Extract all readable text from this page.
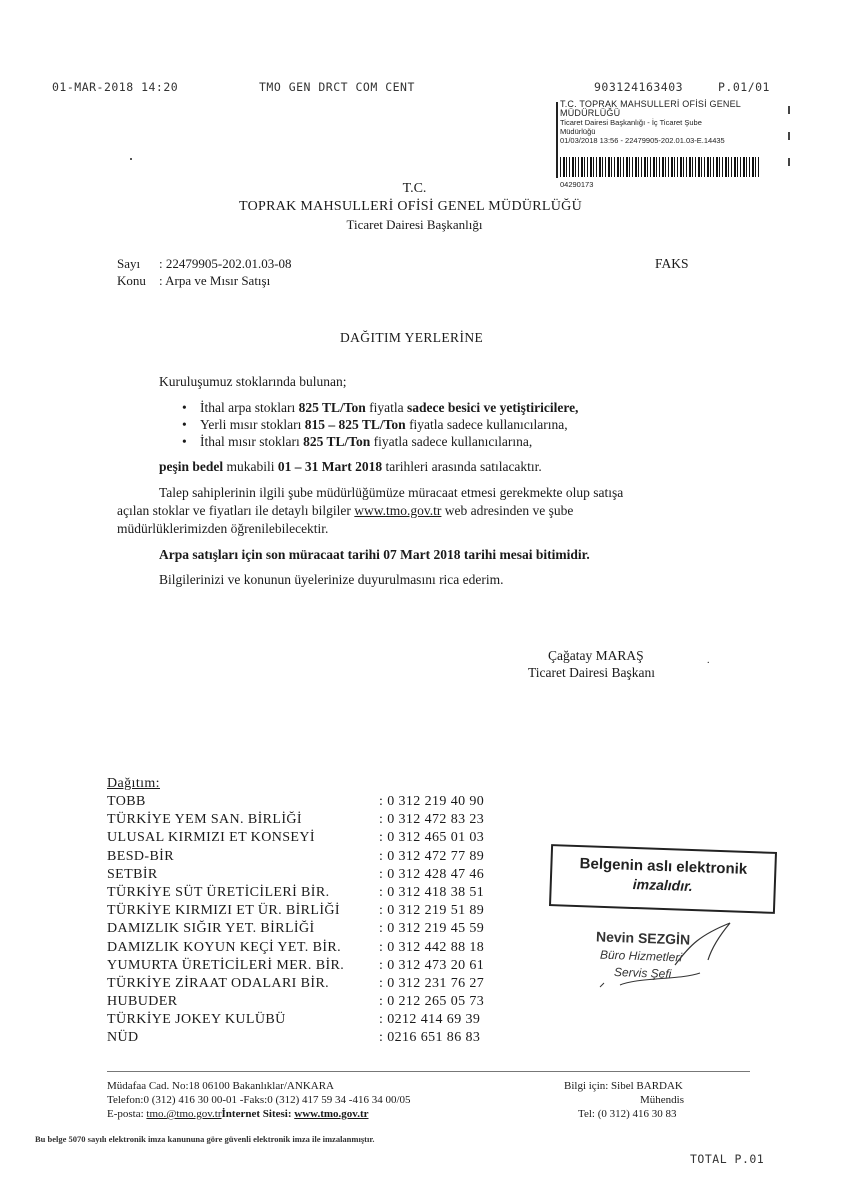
01-MAR-2018 14:20	TMO GEN DRCT COM CENT	903124163403	P.01/01
T.C. TOPRAK MAHSULLERİ OFİSİ GENEL
MÜDÜRLÜĞÜ
Ticaret Dairesi Başkanlığı - İç Ticaret Şube
Müdürlüğü
01/03/2018 13:56 - 22479905-202.01.03-E.14435
04290173
T.C.
TOPRAK MAHSULLERİ OFİSİ GENEL MÜDÜRLÜĞÜ
Ticaret Dairesi Başkanlığı
Sayı : 22479905-202.01.03-08
Konu : Arpa ve Mısır Satışı
FAKS
DAĞITIM YERLERİNE
Kuruluşumuz stoklarında bulunan;
• İthal arpa stokları 825 TL/Ton fiyatla sadece besici ve yetiştiricilere,
• Yerli mısır stokları 815 – 825 TL/Ton fiyatla sadece kullanıcılarına,
• İthal mısır stokları 825 TL/Ton fiyatla sadece kullanıcılarına,
peşin bedel mukabili 01 – 31 Mart 2018 tarihleri arasında satılacaktır.
Talep sahiplerinin ilgili şube müdürlüğümüze müracaat etmesi gerekmekte olup satışa
açılan stoklar ve fiyatları ile detaylı bilgiler www.tmo.gov.tr web adresinden ve şube
müdürlüklerimizden öğrenilebilecektir.
Arpa satışları için son müracaat tarihi 07 Mart 2018 tarihi mesai bitimidir.
Bilgilerinizi ve konunun üyelerinize duyurulmasını rica ederim.
Çağatay MARAŞ
Ticaret Dairesi Başkanı
.
Dağıtım:
TOBB	: 0 312 219 40 90
TÜRKİYE YEM SAN. BİRLİĞİ	: 0 312 472 83 23
ULUSAL KIRMIZI ET KONSEYİ	: 0 312 465 01 03
BESD-BİR	: 0 312 472 77 89
SETBİR	: 0 312 428 47 46
TÜRKİYE SÜT ÜRETİCİLERİ BİR.	: 0 312 418 38 51
TÜRKİYE KIRMIZI ET ÜR. BİRLİĞİ	: 0 312 219 51 89
DAMIZLIK SIĞIR YET. BİRLİĞİ	: 0 312 219 45 59
DAMIZLIK KOYUN KEÇİ YET. BİR.	: 0 312 442 88 18
YUMURTA ÜRETİCİLERİ MER. BİR. : 0 312 473 20 61
TÜRKİYE ZİRAAT ODALARI BİR.	: 0 312 231 76 27
HUBUDER	: 0 212 265 05 73
TÜRKİYE JOKEY KULÜBÜ	: 0212 414 69 39
NÜD	: 0216 651 86 83
Belgenin aslı elektronik
imzalıdır.
Nevin SEZGİN
Büro Hizmetleri
Servis Şefi
Müdafaa Cad. No:18 06100 Bakanlıklar/ANKARA
Telefon:0 (312) 416 30 00-01 -Faks:0 (312) 417 59 34 -416 34 00/05
E-posta: tmo.@tmo.gov.trİnternet Sitesi: www.tmo.gov.tr
Bilgi için: Sibel BARDAK
Mühendis
Tel: (0 312) 416 30 83
Bu belge 5070 sayılı elektronik imza kanununa göre güvenli elektronik imza ile imzalanmıştır.
TOTAL P.01
